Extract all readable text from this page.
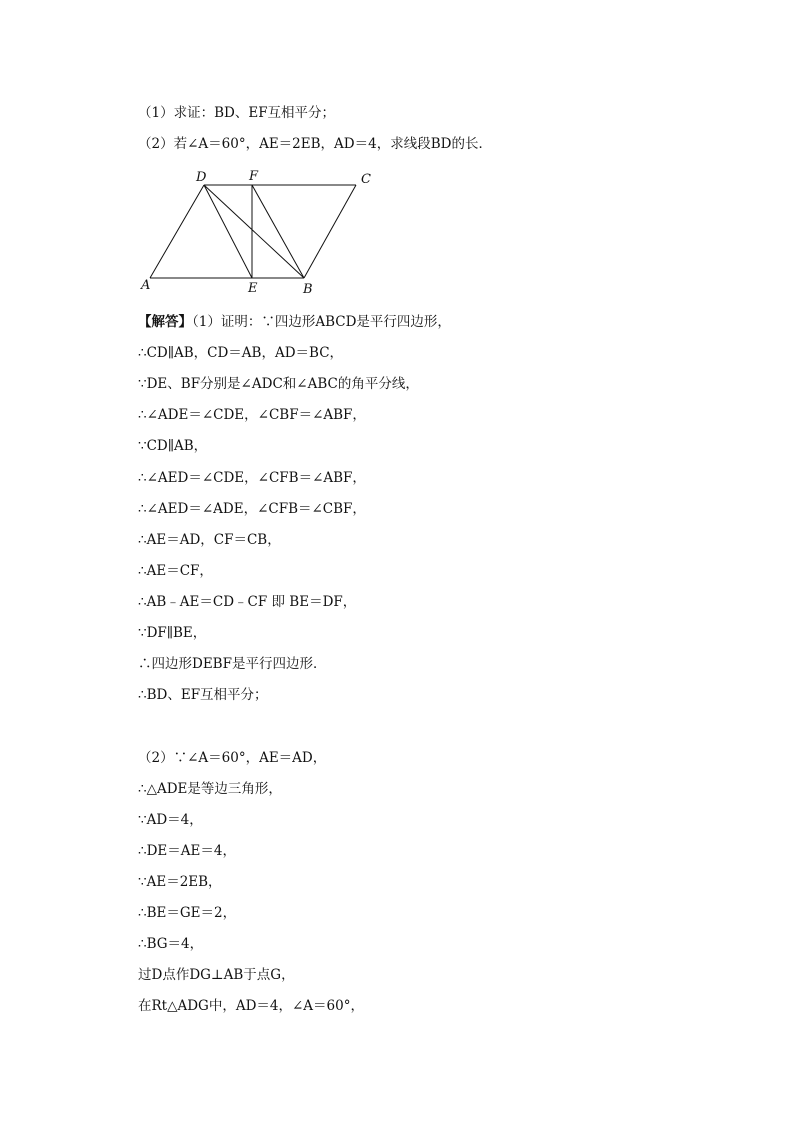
（1）求证：BD、EF互相平分；
（2）若∠A＝60°，AE＝2EB，AD＝4，求线段BD的长．
D	F	C
A	E	B
【解答】（1）证明：∵四边形ABCD是平行四边形，
∴CD∥AB，CD＝AB，AD＝BC，
∵DE、BF分别是∠ADC和∠ABC的角平分线，
∴∠ADE＝∠CDE，∠CBF＝∠ABF，
∵CD∥AB，
∴∠AED＝∠CDE，∠CFB＝∠ABF，
∴∠AED＝∠ADE，∠CFB＝∠CBF，
∴AE＝AD，CF＝CB，
∴AE＝CF，
∴AB﹣AE＝CD﹣CF 即 BE＝DF，
∵DF∥BE，
∴四边形DEBF是平行四边形．
∴BD、EF互相平分；
（2）∵∠A＝60°，AE＝AD，
∴△ADE是等边三角形，
∵AD＝4，
∴DE＝AE＝4，
∵AE＝2EB，
∴BE＝GE＝2，
∴BG＝4，
过D点作DG⊥AB于点G，
在Rt△ADG中，AD＝4，∠A＝60°，
